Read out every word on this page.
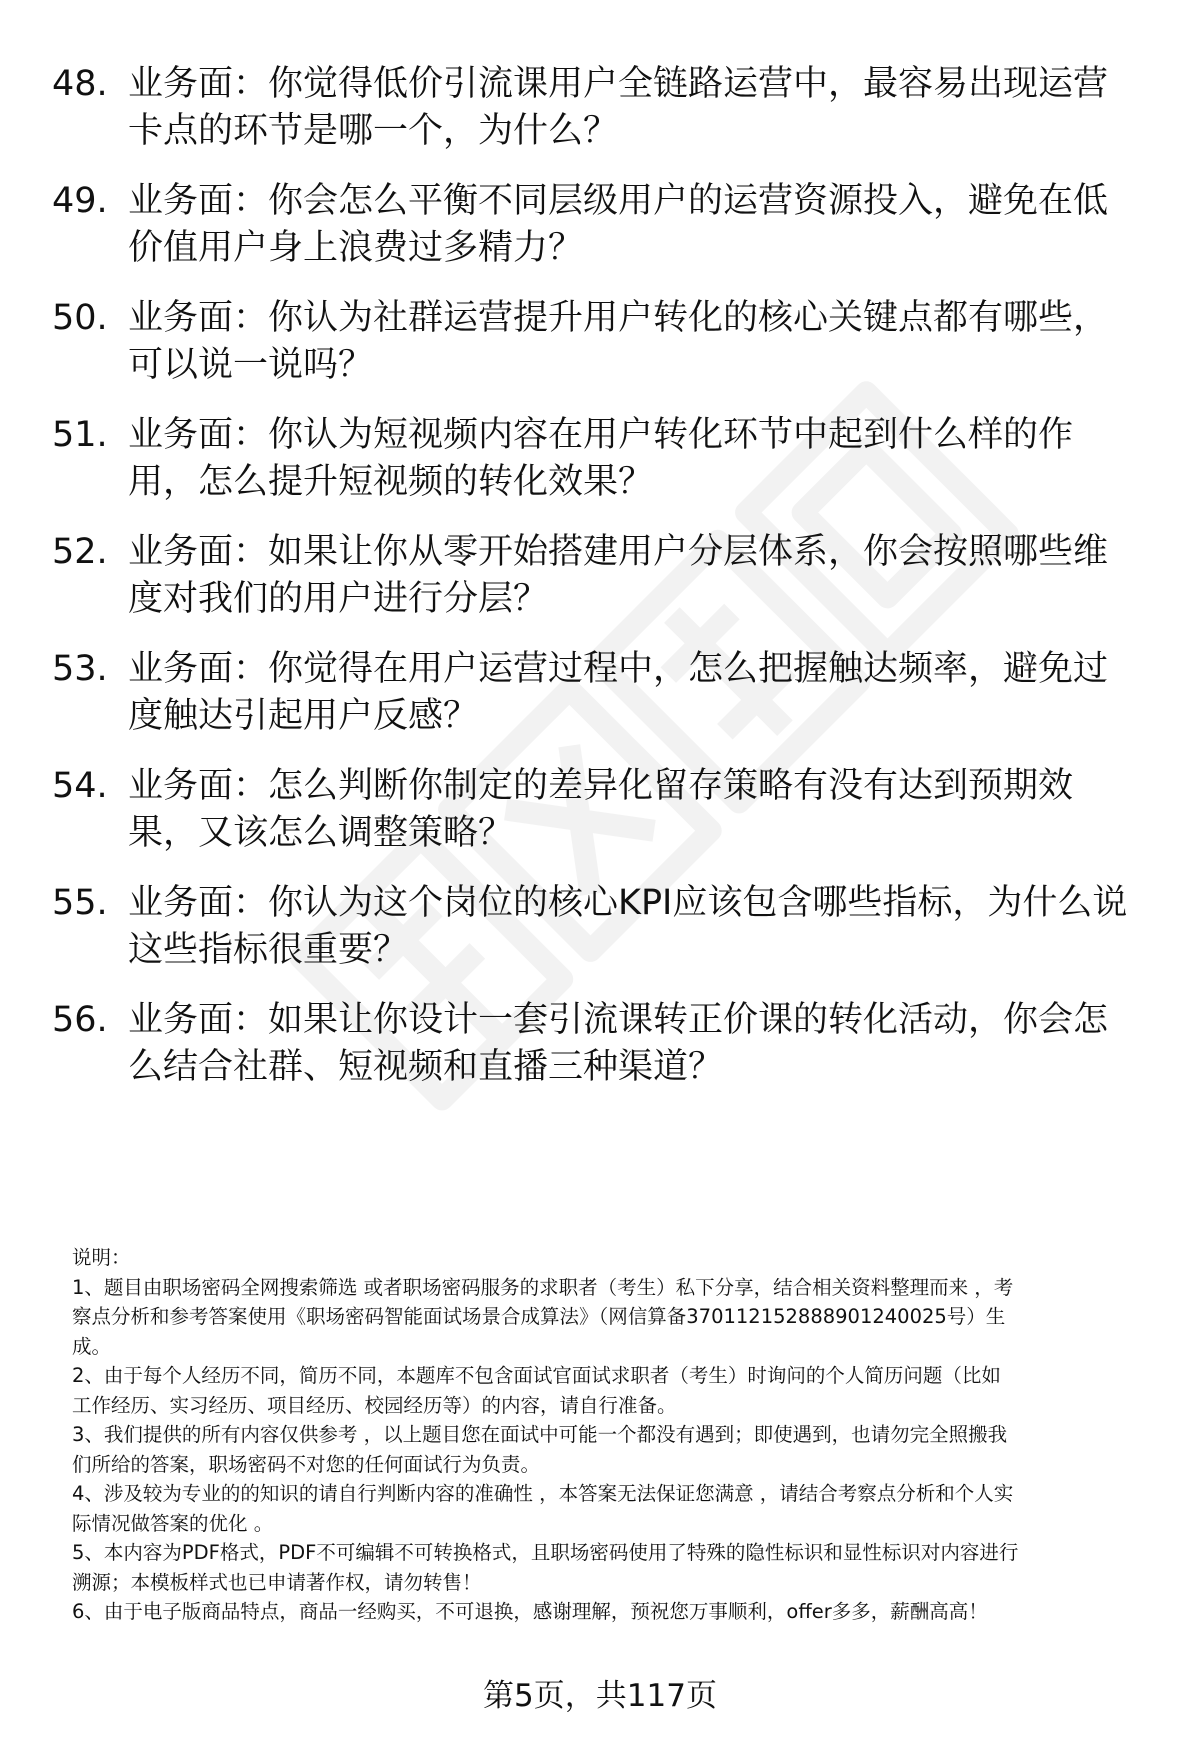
48. 业务面：你觉得低价引流课用户全链路运营中，最容易出现运营
卡点的环节是哪一个，为什么？
49. 业务面：你会怎么平衡不同层级用户的运营资源投入，避免在低
价值用户身上浪费过多精力？
50. 业务面：你认为社群运营提升用户转化的核心关键点都有哪些，
可以说一说吗？
51. 业务面：你认为短视频内容在用户转化环节中起到什么样的作
用，怎么提升短视频的转化效果？
52. 业务面：如果让你从零开始搭建用户分层体系，你会按照哪些维
度对我们的用户进行分层？
53. 业务面：你觉得在用户运营过程中，怎么把握触达频率，避免过
度触达引起用户反感？
54. 业务面：怎么判断你制定的差异化留存策略有没有达到预期效
果，又该怎么调整策略？
55. 业务面：你认为这个岗位的核心KPI应该包含哪些指标，为什么说
这些指标很重要？
56. 业务面：如果让你设计一套引流课转正价课的转化活动，你会怎
么结合社群、短视频和直播三种渠道？
说明：
1、题目由职场密码全网搜索筛选 或者职场密码服务的求职者（考生）私下分享，结合相关资料整理而来 ，考
察点分析和参考答案使用《职场密码智能面试场景合成算法》（网信算备370112152888901240025号）生
成。
2、由于每个人经历不同，简历不同，本题库不包含面试官面试求职者（考生）时询问的个人简历问题（比如
工作经历、实习经历、项目经历、校园经历等）的内容，请自行准备。
3、我们提供的所有内容仅供参考 ，以上题目您在面试中可能一个都没有遇到；即使遇到，也请勿完全照搬我
们所给的答案，职场密码不对您的任何面试行为负责。
4、涉及较为专业的的知识的请自行判断内容的准确性 ，本答案无法保证您满意 ，请结合考察点分析和个人实
际情况做答案的优化 。
5、本内容为PDF格式，PDF不可编辑不可转换格式，且职场密码使用了特殊的隐性标识和显性标识对内容进行
溯源；本模板样式也已申请著作权，请勿转售！
6、由于电子版商品特点，商品一经购买，不可退换，感谢理解，预祝您万事顺利，offer多多，薪酬高高！
第5页，共117页
